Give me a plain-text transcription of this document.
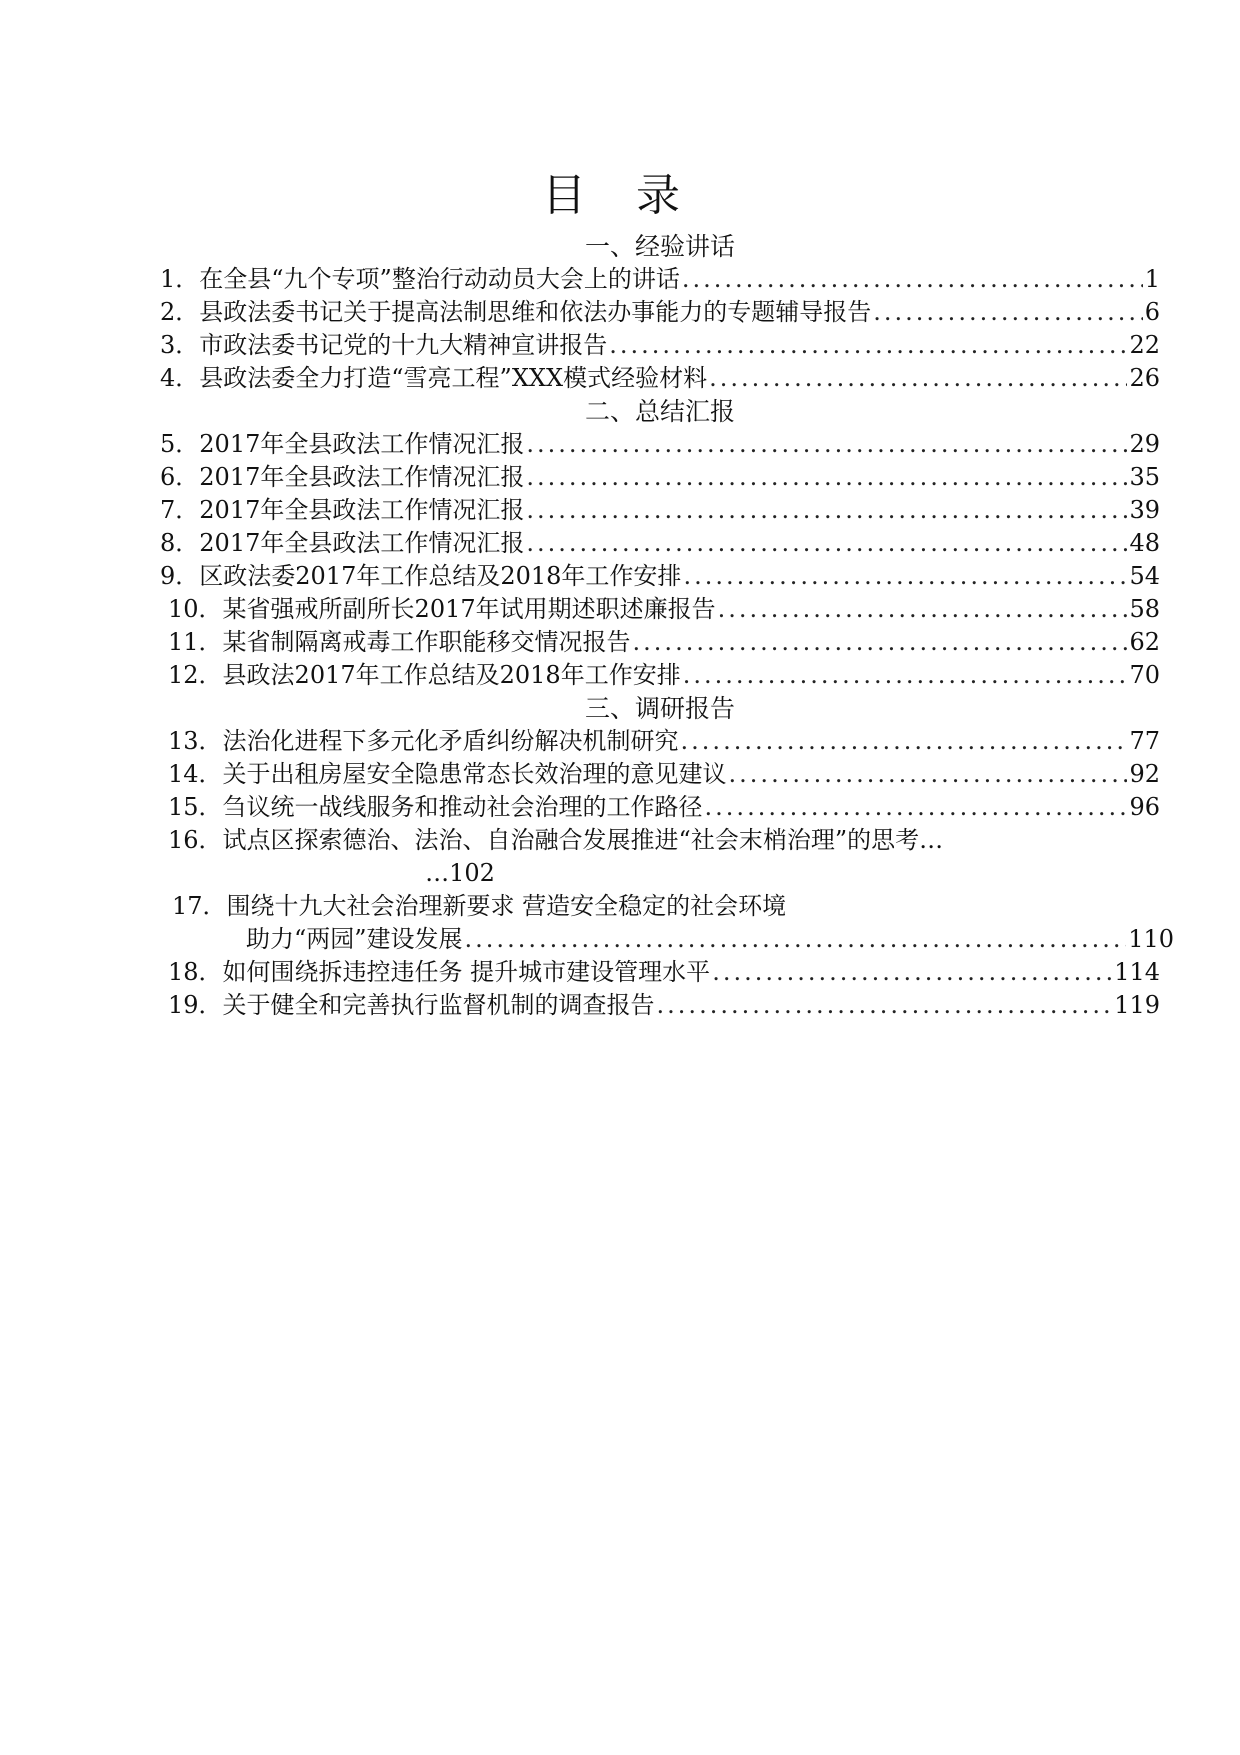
目 录
一、经验讲话
1． 在全县“九个专项”整治行动动员大会上的讲话 .....	1
2． 县政法委书记关于提高法制思维和依法办事能力的专题辅导报告 .....	6
3． 市政法委书记党的十九大精神宣讲报告 .....	22
4． 县政法委全力打造“雪亮工程”XXX模式经验材料 .....	26
二、总结汇报
5． 2017年全县政法工作情况汇报 .....	29
6． 2017年全县政法工作情况汇报 .....	35
7． 2017年全县政法工作情况汇报 .....	39
8． 2017年全县政法工作情况汇报 .....	48
9． 区政法委2017年工作总结及2018年工作安排 .....	54
10． 某省强戒所副所长2017年试用期述职述廉报告 .....	58
11． 某省制隔离戒毒工作职能移交情况报告 .....	62
12． 县政法2017年工作总结及2018年工作安排 .....	70
三、调研报告
13． 法治化进程下多元化矛盾纠纷解决机制研究 .....	77
14． 关于出租房屋安全隐患常态长效治理的意见建议 .....	92
15． 刍议统一战线服务和推动社会治理的工作路径 .....	96
16．试点区探索德治、法治、自治融合发展推进“社会末梢治理”的思考…
…102
17．围绕十九大社会治理新要求 营造安全稳定的社会环境
助力“两园”建设发展 .....	110
18． 如何围绕拆违控违任务 提升城市建设管理水平 .....	114
19． 关于健全和完善执行监督机制的调查报告 .....	119
